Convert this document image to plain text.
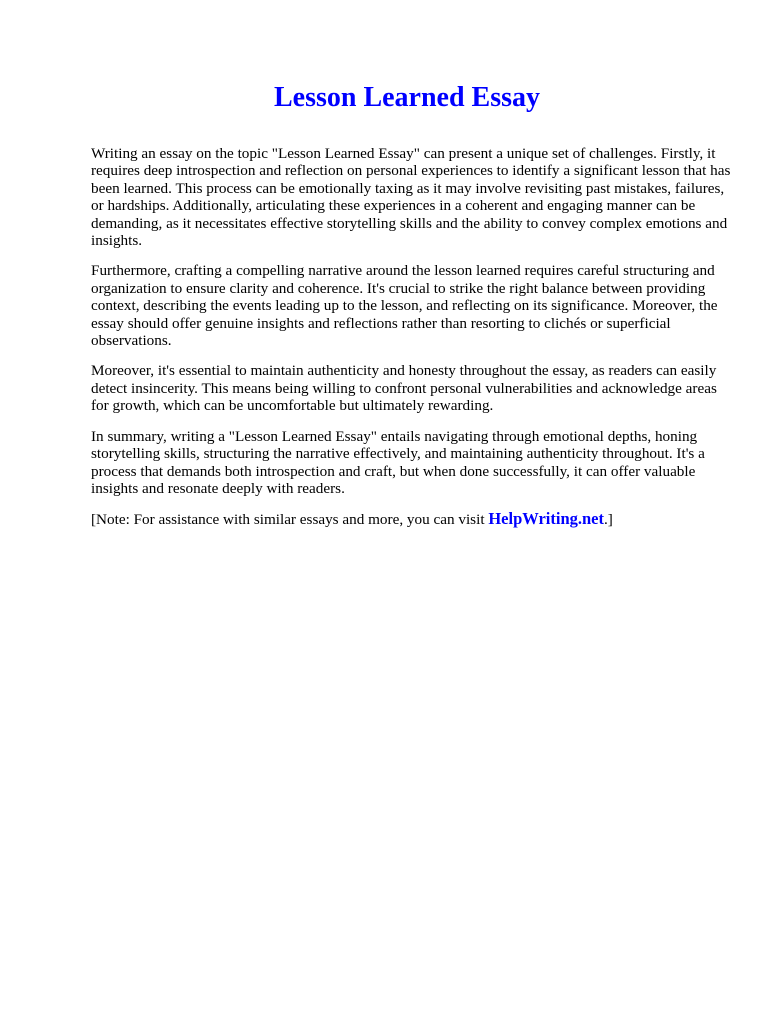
Lesson Learned Essay

Writing an essay on the topic "Lesson Learned Essay" can present a unique set of challenges. Firstly, it requires deep introspection and reflection on personal experiences to identify a significant lesson that has been learned. This process can be emotionally taxing as it may involve revisiting past mistakes, failures, or hardships. Additionally, articulating these experiences in a coherent and engaging manner can be demanding, as it necessitates effective storytelling skills and the ability to convey complex emotions and insights.

Furthermore, crafting a compelling narrative around the lesson learned requires careful structuring and organization to ensure clarity and coherence. It's crucial to strike the right balance between providing context, describing the events leading up to the lesson, and reflecting on its significance. Moreover, the essay should offer genuine insights and reflections rather than resorting to clichés or superficial observations.

Moreover, it's essential to maintain authenticity and honesty throughout the essay, as readers can easily detect insincerity. This means being willing to confront personal vulnerabilities and acknowledge areas for growth, which can be uncomfortable but ultimately rewarding.

In summary, writing a "Lesson Learned Essay" entails navigating through emotional depths, honing storytelling skills, structuring the narrative effectively, and maintaining authenticity throughout. It's a process that demands both introspection and craft, but when done successfully, it can offer valuable insights and resonate deeply with readers.

[Note: For assistance with similar essays and more, you can visit HelpWriting.net.]
